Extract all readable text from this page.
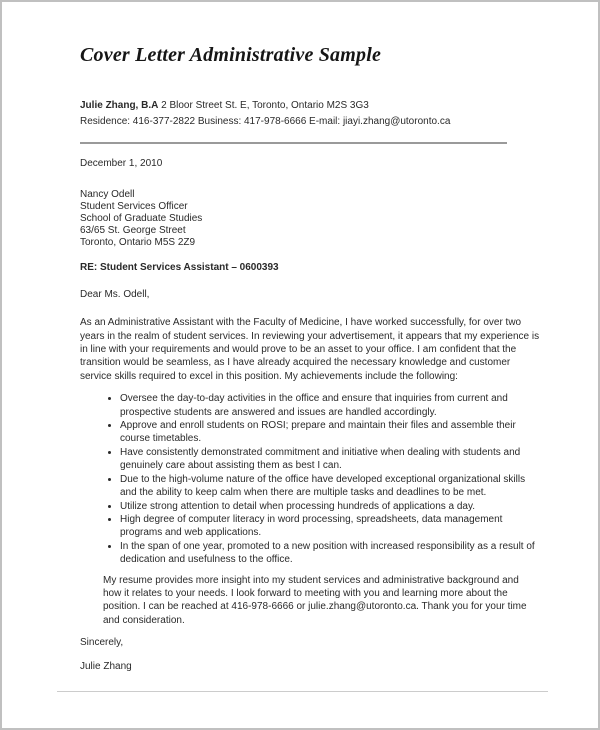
Cover Letter Administrative Sample

Julie Zhang, B.A 2 Bloor Street St. E, Toronto, Ontario M2S 3G3
Residence: 416-377-2822 Business: 417-978-6666 E-mail: jiayi.zhang@utoronto.ca

December 1, 2010

Nancy Odell
Student Services Officer
School of Graduate Studies
63/65 St. George Street
Toronto, Ontario M5S 2Z9

RE: Student Services Assistant – 0600393

Dear Ms. Odell,

As an Administrative Assistant with the Faculty of Medicine, I have worked successfully, for over two years in the realm of student services. In reviewing your advertisement, it appears that my experience is in line with your requirements and would prove to be an asset to your office. I am confident that the transition would be seamless, as I have already acquired the necessary knowledge and customer service skills required to excel in this position. My achievements include the following:

• Oversee the day-to-day activities in the office and ensure that inquiries from current and prospective students are answered and issues are handled accordingly.
• Approve and enroll students on ROSI; prepare and maintain their files and assemble their course timetables.
• Have consistently demonstrated commitment and initiative when dealing with students and genuinely care about assisting them as best I can.
• Due to the high-volume nature of the office have developed exceptional organizational skills and the ability to keep calm when there are multiple tasks and deadlines to be met.
• Utilize strong attention to detail when processing hundreds of applications a day.
• High degree of computer literacy in word processing, spreadsheets, data management programs and web applications.
• In the span of one year, promoted to a new position with increased responsibility as a result of dedication and usefulness to the office.

My resume provides more insight into my student services and administrative background and how it relates to your needs. I look forward to meeting with you and learning more about the position. I can be reached at 416-978-6666 or julie.zhang@utoronto.ca. Thank you for your time and consideration.

Sincerely,

Julie Zhang
